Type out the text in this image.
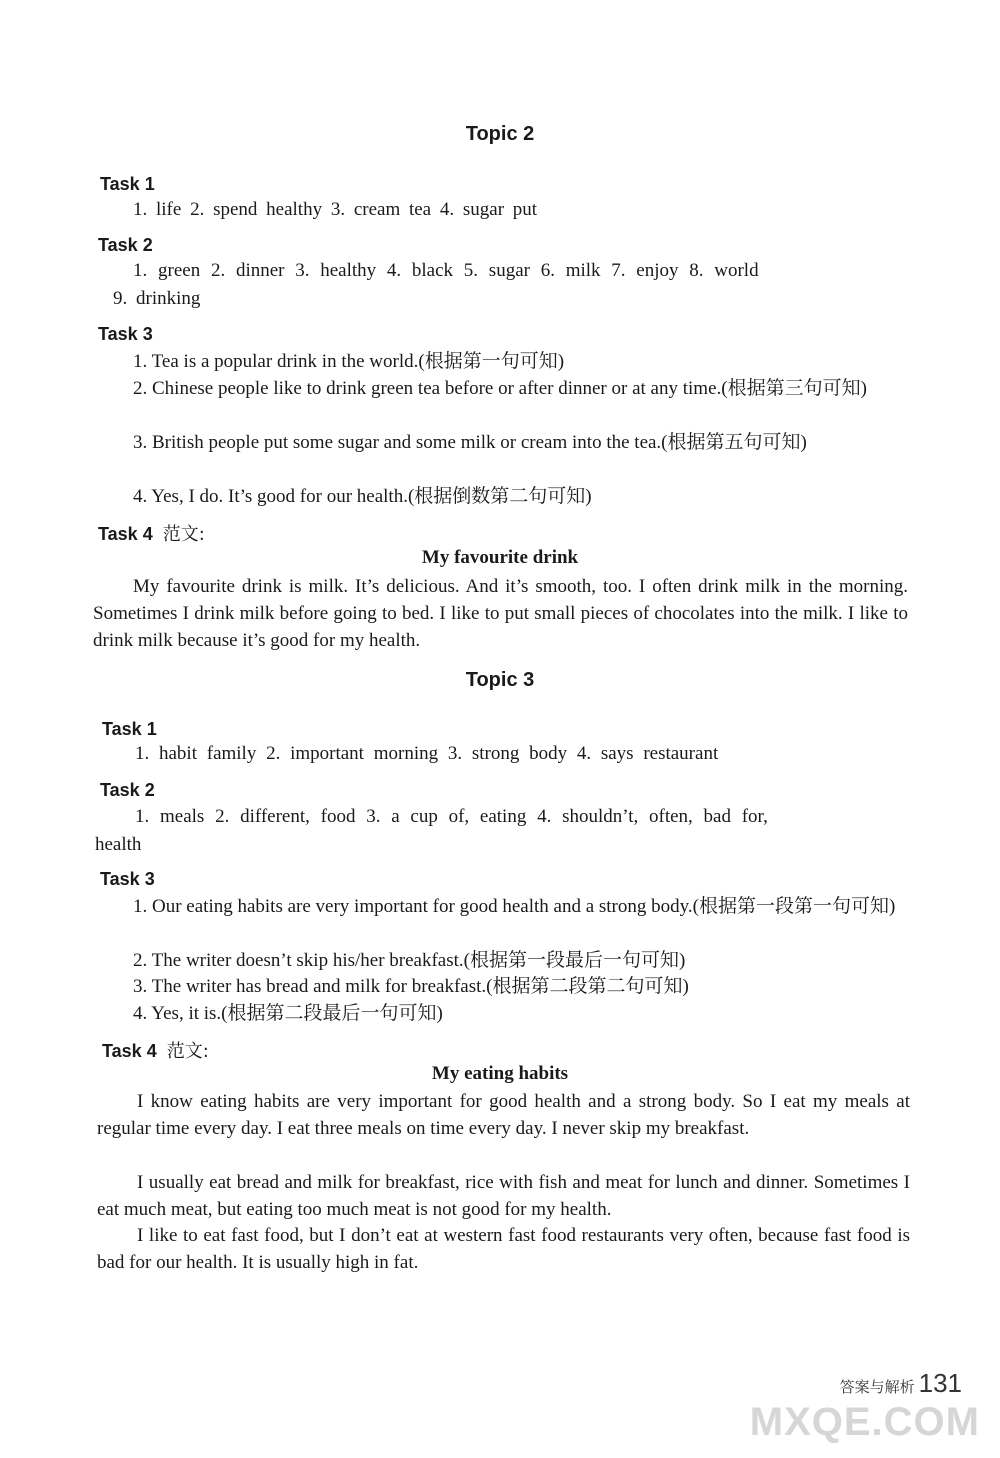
Topic 2
Task 1
1. life 2. spend healthy 3. cream tea 4. sugar put
Task 2
1. green 2. dinner 3. healthy 4. black 5. sugar 6. milk 7. enjoy 8. world
9. drinking
Task 3
1. Tea is a popular drink in the world.(根据第一句可知)
2. Chinese people like to drink green tea before or after dinner or at any time.(根据第三句可知)
3. British people put some sugar and some milk or cream into the tea.(根据第五句可知)
4. Yes, I do. It’s good for our health.(根据倒数第二句可知)
Task 4 范文:
My favourite drink
My favourite drink is milk. It’s delicious. And it’s smooth, too. I often drink milk in the morning. Sometimes I drink milk before going to bed. I like to put small pieces of chocolates into the milk. I like to drink milk because it’s good for my health.
Topic 3
Task 1
1. habit family 2. important morning 3. strong body 4. says restaurant
Task 2
1. meals 2. different, food 3. a cup of, eating 4. shouldn’t, often, bad for,
health
Task 3
1. Our eating habits are very important for good health and a strong body.(根据第一段第一句可知)
2. The writer doesn’t skip his/her breakfast.(根据第一段最后一句可知)
3. The writer has bread and milk for breakfast.(根据第二段第二句可知)
4. Yes, it is.(根据第二段最后一句可知)
Task 4 范文:
My eating habits
I know eating habits are very important for good health and a strong body. So I eat my meals at regular time every day. I eat three meals on time every day. I never skip my breakfast.
I usually eat bread and milk for breakfast, rice with fish and meat for lunch and dinner. Sometimes I eat much meat, but eating too much meat is not good for my health.
I like to eat fast food, but I don’t eat at western fast food restaurants very often, because fast food is bad for our health. It is usually high in fat.
答案与解析 131
MXQE.COM
